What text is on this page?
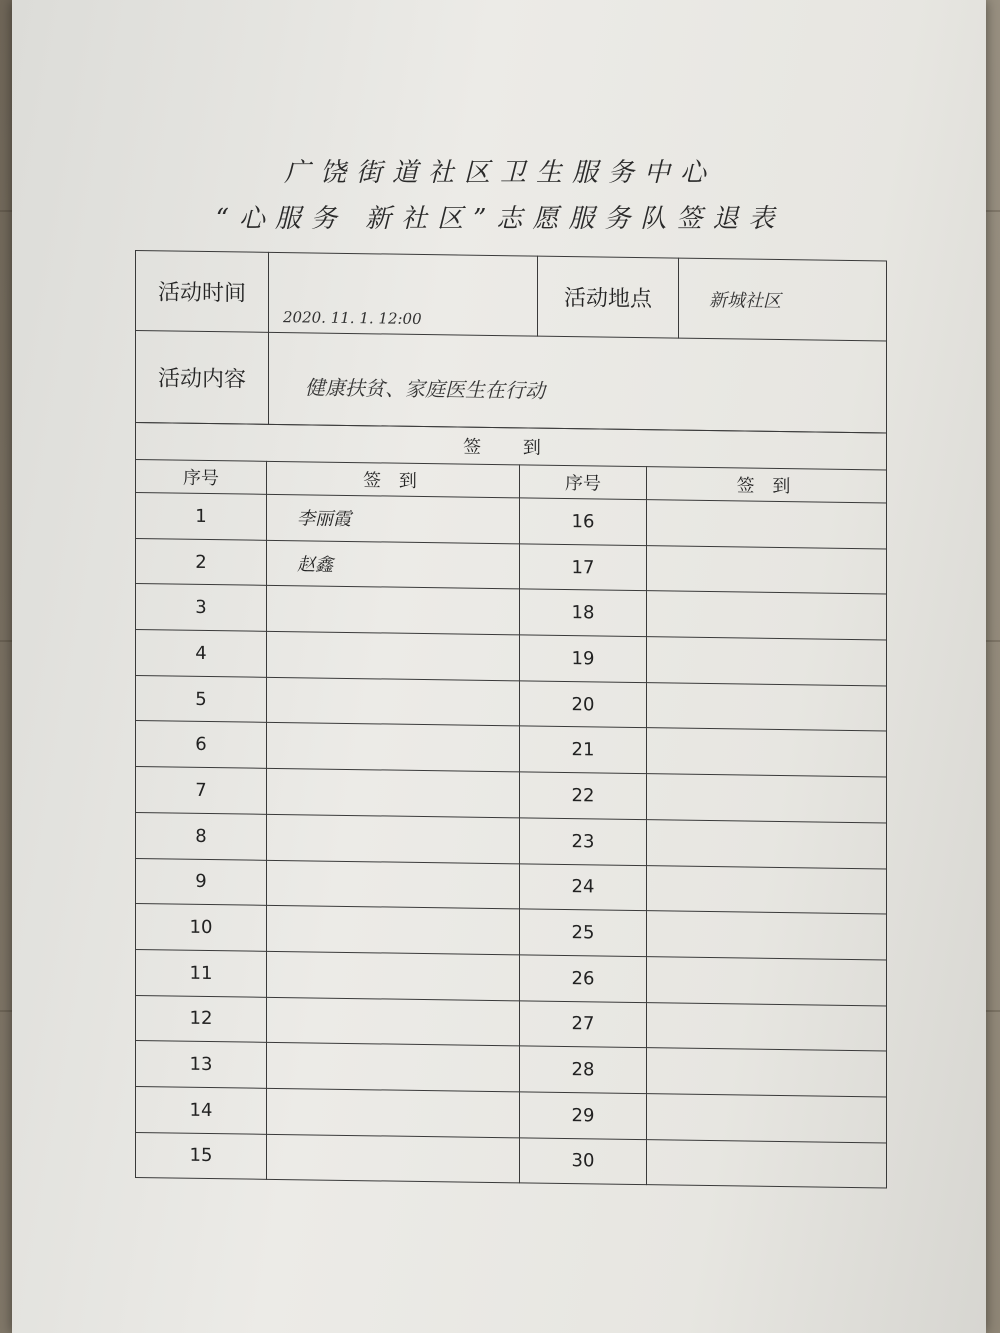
广饶街道社区卫生服务中心
“心服务 新社区”志愿服务队签退表
活动时间	2020. 11. 1. 12:00	活动地点	新城社区
活动内容	健康扶贫、家庭医生在行动		
签 到			
序号	签 到	序号	签 到
1	李丽霞	16	
2	赵鑫	17	
3		18	
4		19	
5		20	
6		21	
7		22	
8		23	
9		24	
10		25	
11		26	
12		27	
13		28	
14		29	
15		30	
